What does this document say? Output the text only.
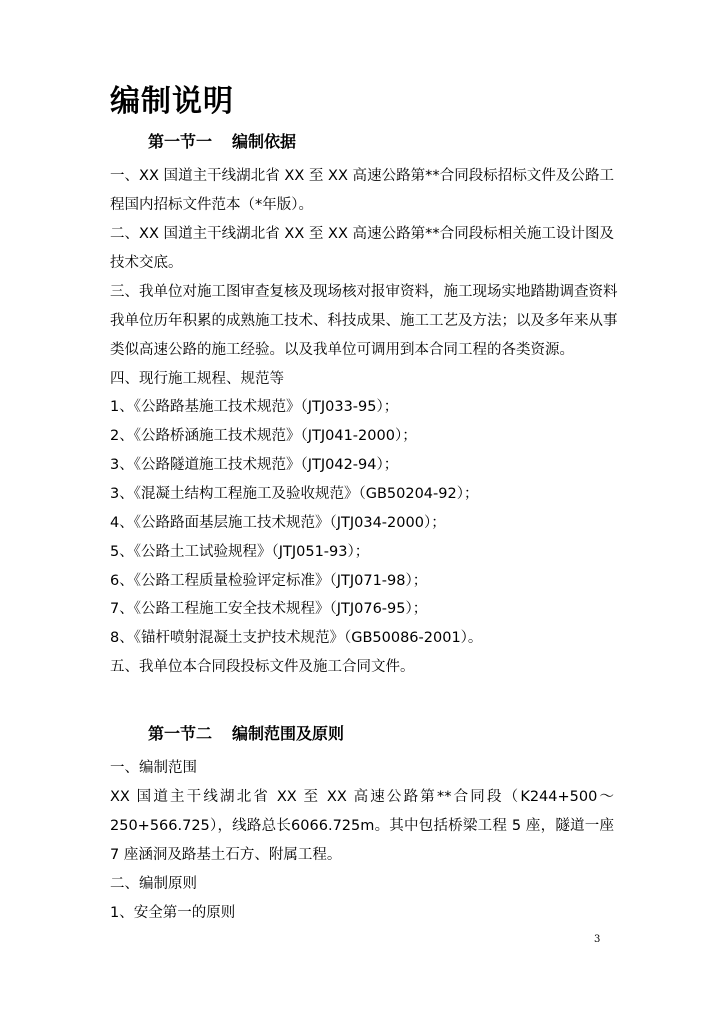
编制说明
第一节一 编制依据
一、XX 国道主干线湖北省 XX 至 XX 高速公路第**合同段标招标文件及公路工
程国内招标文件范本（*年版）。
二、XX 国道主干线湖北省 XX 至 XX 高速公路第**合同段标相关施工设计图及
技术交底。
三、我单位对施工图审查复核及现场核对报审资料，施工现场实地踏勘调查资料
我单位历年积累的成熟施工技术、科技成果、施工工艺及方法；以及多年来从事
类似高速公路的施工经验。以及我单位可调用到本合同工程的各类资源。
四、现行施工规程、规范等
1、《公路路基施工技术规范》（JTJ033-95）；
2、《公路桥涵施工技术规范》（JTJ041-2000）；
3、《公路隧道施工技术规范》（JTJ042-94）；
3、《混凝土结构工程施工及验收规范》（GB50204-92）；
4、《公路路面基层施工技术规范》（JTJ034-2000）；
5、《公路土工试验规程》（JTJ051-93）；
6、《公路工程质量检验评定标准》（JTJ071-98）；
7、《公路工程施工安全技术规程》（JTJ076-95）；
8、《锚杆喷射混凝土支护技术规范》（GB50086-2001）。
五、我单位本合同段投标文件及施工合同文件。
第一节二 编制范围及原则
一、编制范围
XX 国道主干线湖北省 XX 至 XX 高速公路第**合同段（K244+500～
250+566.725），线路总长6066.725m。其中包括桥梁工程 5 座，隧道一座
7 座涵洞及路基土石方、附属工程。
二、编制原则
1、安全第一的原则
3
